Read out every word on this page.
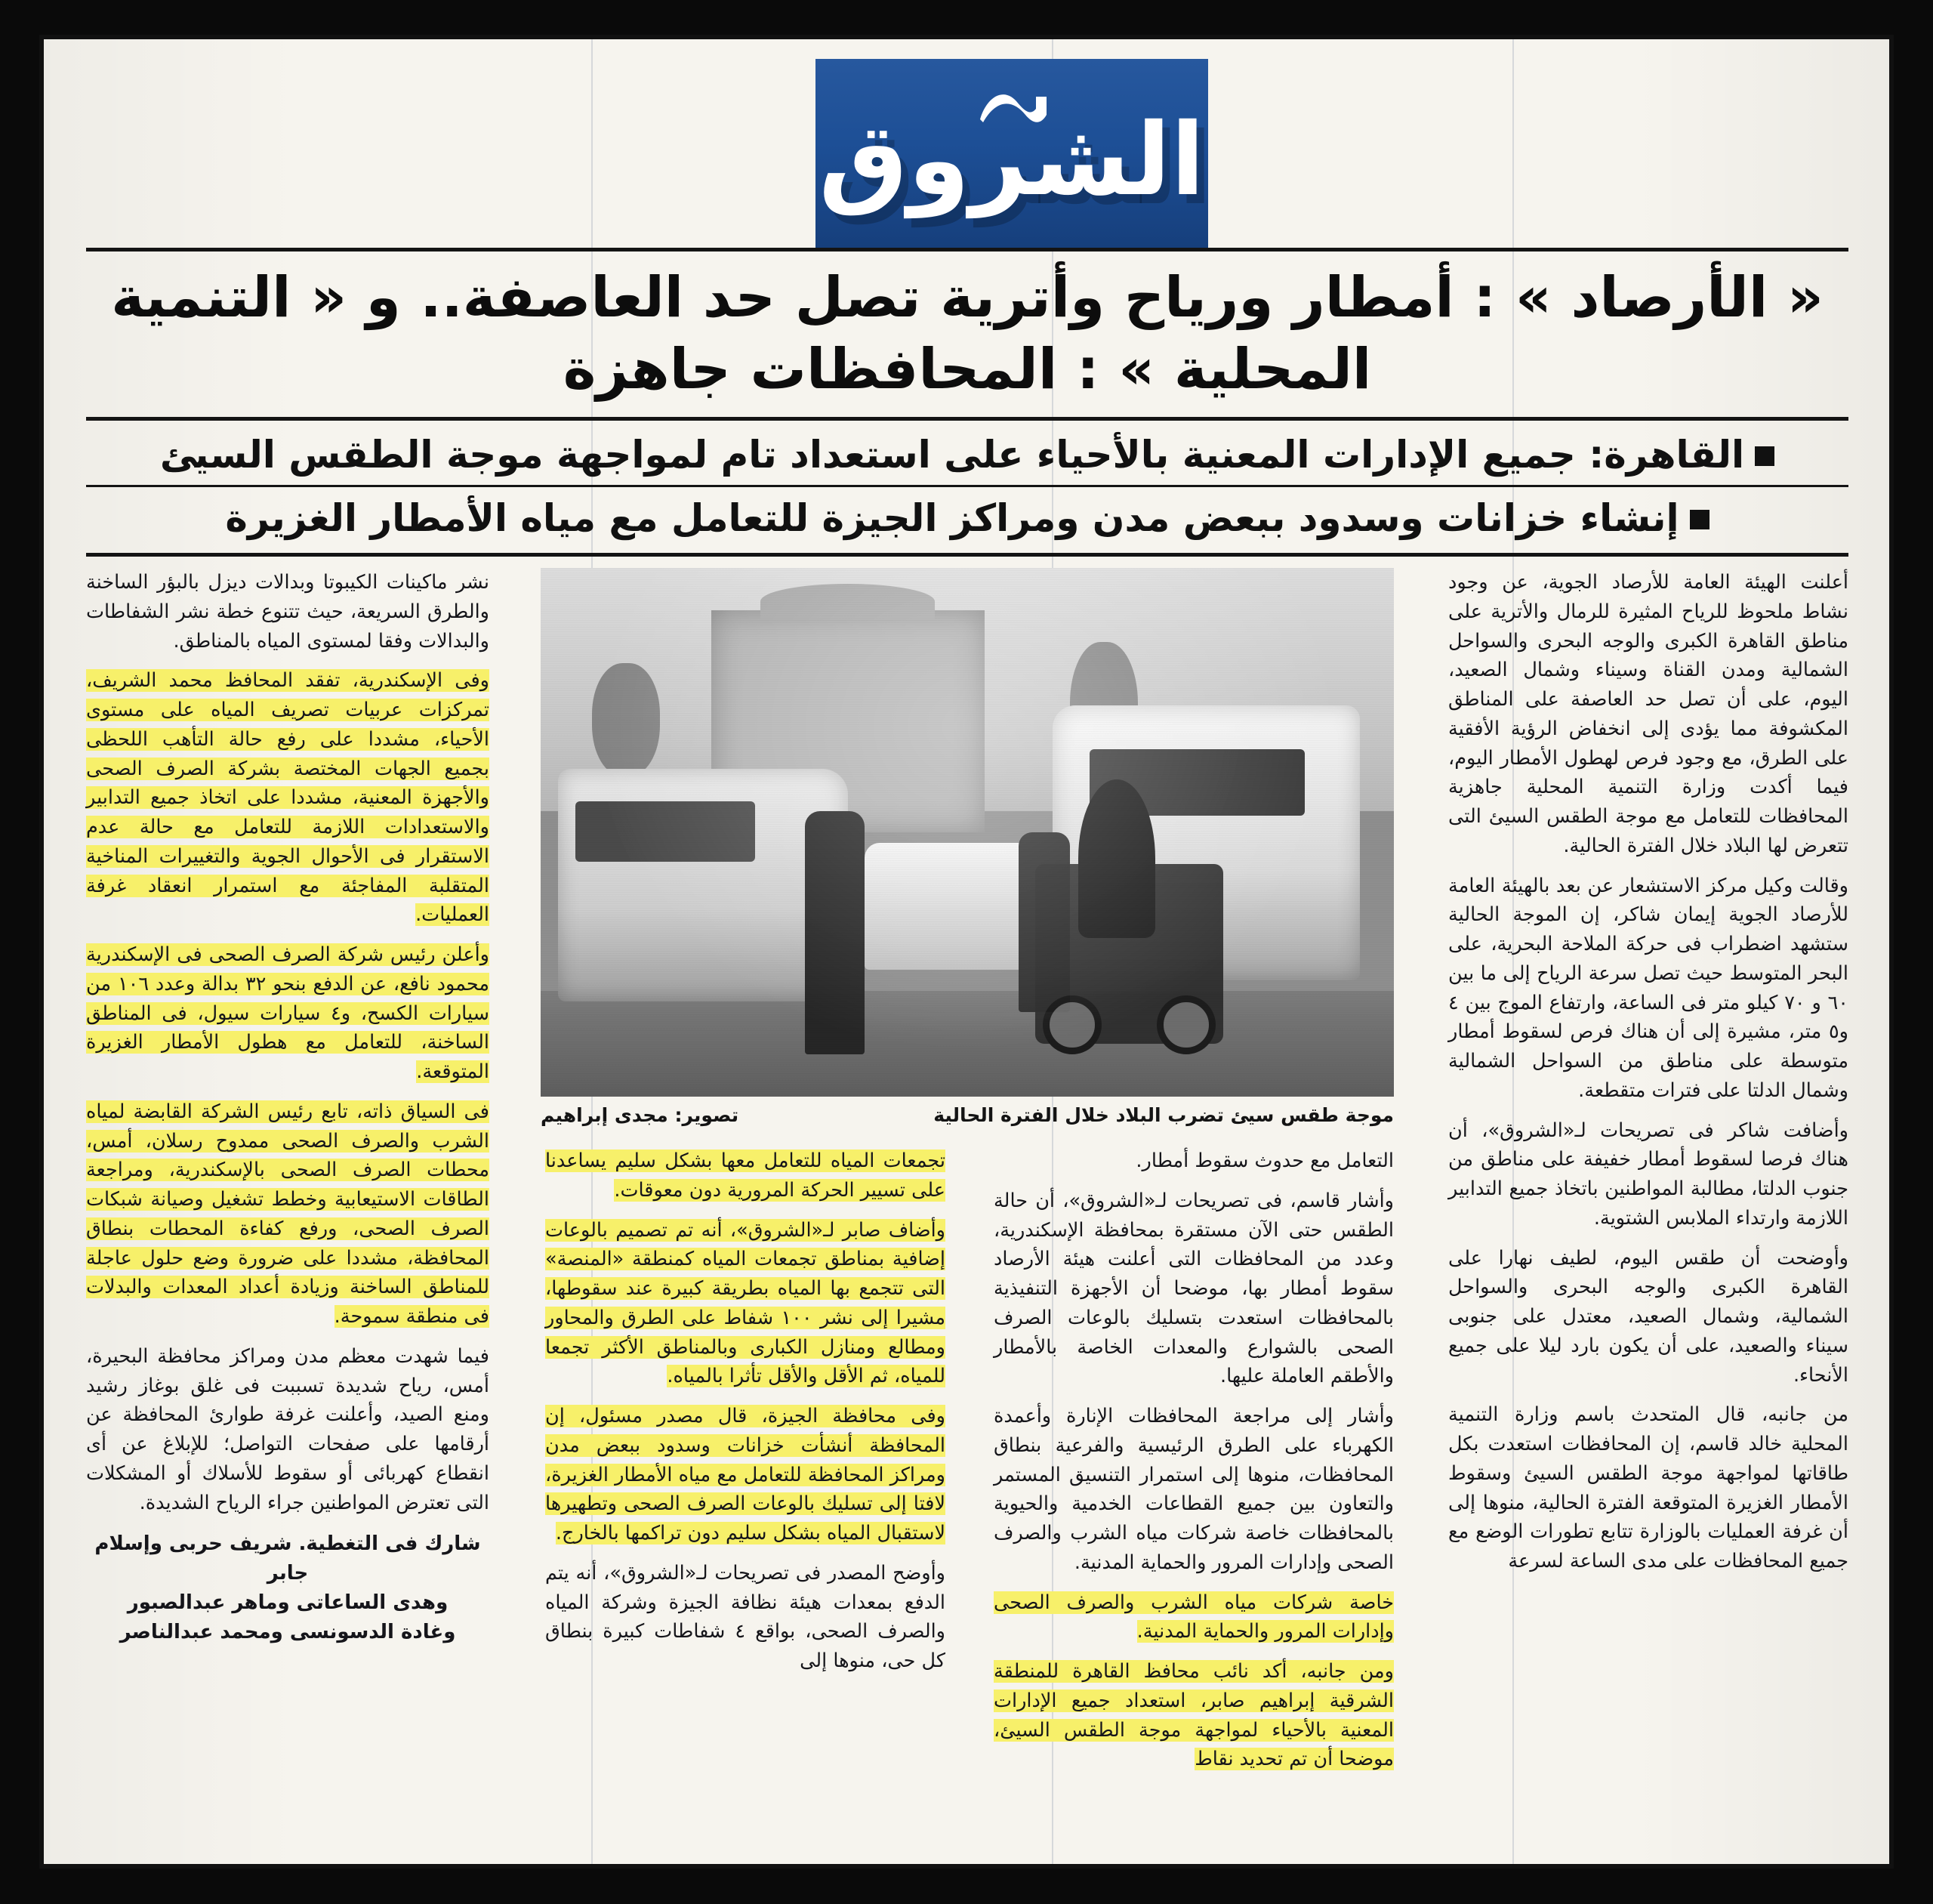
الشروق
« الأرصاد » : أمطار ورياح وأترية تصل حد العاصفة.. و « التنمية المحلية » : المحافظات جاهزة
القاهرة: جميع الإدارات المعنية بالأحياء على استعداد تام لمواجهة موجة الطقس السيئ
إنشاء خزانات وسدود ببعض مدن ومراكز الجيزة للتعامل مع مياه الأمطار الغزيرة
موجة طقس سيئ تضرب البلاد خلال الفترة الحالية
تصوير: مجدى إبراهيم

أعلنت الهيئة العامة للأرصاد الجوية، عن وجود نشاط ملحوظ للرياح المثيرة للرمال والأترية على مناطق القاهرة الكبرى والوجه البحرى والسواحل الشمالية ومدن القناة وسيناء وشمال الصعيد، اليوم، على أن تصل حد العاصفة على المناطق المكشوفة مما يؤدى إلى انخفاض الرؤية الأفقية على الطرق، مع وجود فرص لهطول الأمطار اليوم، فيما أكدت وزارة التنمية المحلية جاهزية المحافظات للتعامل مع موجة الطقس السيئ التى تتعرض لها البلاد خلال الفترة الحالية.

وقالت وكيل مركز الاستشعار عن بعد بالهيئة العامة للأرصاد الجوية إيمان شاكر، إن الموجة الحالية ستشهد اضطراب فى حركة الملاحة البحرية، على البحر المتوسط حيث تصل سرعة الرياح إلى ما بين ٦٠ و ٧٠ كيلو متر فى الساعة، وارتفاع الموج بين ٤ و٥ متر، مشيرة إلى أن هناك فرص لسقوط أمطار متوسطة على مناطق من السواحل الشمالية وشمال الدلتا على فترات متقطعة.

وأضافت شاكر فى تصريحات لـ«الشروق»، أن هناك فرصا لسقوط أمطار خفيفة على مناطق من جنوب الدلتا، مطالبة المواطنين باتخاذ جميع التدابير اللازمة وارتداء الملابس الشتوية.

وأوضحت أن طقس اليوم، لطيف نهارا على القاهرة الكبرى والوجه البحرى والسواحل الشمالية، وشمال الصعيد، معتدل على جنوبى سيناء والصعيد، على أن يكون بارد ليلا على جميع الأنحاء.

من جانبه، قال المتحدث باسم وزارة التنمية المحلية خالد قاسم، إن المحافظات استعدت بكل طاقاتها لمواجهة موجة الطقس السيئ وسقوط الأمطار الغزيرة المتوقعة الفترة الحالية، منوها إلى أن غرفة العمليات بالوزارة تتابع تطورات الوضع مع جميع المحافظات على مدى الساعة لسرعة

التعامل مع حدوث سقوط أمطار.

وأشار قاسم، فى تصريحات لـ«الشروق»، أن حالة الطقس حتى الآن مستقرة بمحافظة الإسكندرية، وعدد من المحافظات التى أعلنت هيئة الأرصاد سقوط أمطار بها، موضحا أن الأجهزة التنفيذية بالمحافظات استعدت بتسليك بالوعات الصرف الصحى بالشوارع والمعدات الخاصة بالأمطار والأطقم العاملة عليها.

وأشار إلى مراجعة المحافظات الإنارة وأعمدة الكهرباء على الطرق الرئيسية والفرعية بنطاق المحافظات، منوها إلى استمرار التنسيق المستمر والتعاون بين جميع القطاعات الخدمية والحيوية بالمحافظات خاصة شركات مياه الشرب والصرف الصحى وإدارات المرور والحماية المدنية.

خاصة شركات مياه الشرب والصرف الصحى وإدارات المرور والحماية المدنية.

ومن جانبه، أكد نائب محافظ القاهرة للمنطقة الشرقية إبراهيم صابر، استعداد جميع الإدارات المعنية بالأحياء لمواجهة موجة الطقس السيئ، موضحا أن تم تحديد نقاط

تجمعات المياه للتعامل معها بشكل سليم يساعدنا على تسيير الحركة المرورية دون معوقات.

وأضاف صابر لـ«الشروق»، أنه تم تصميم بالوعات إضافية بمناطق تجمعات المياه كمنطقة «المنصة» التى تتجمع بها المياه بطريقة كبيرة عند سقوطها، مشيرا إلى نشر ١٠٠ شفاط على الطرق والمحاور ومطالع ومنازل الكبارى وبالمناطق الأكثر تجمعا للمياه، ثم الأقل والأقل تأثرا بالمياه.

وفى محافظة الجيزة، قال مصدر مسئول، إن المحافظة أنشأت خزانات وسدود ببعض مدن ومراكز المحافظة للتعامل مع مياه الأمطار الغزيرة، لافتا إلى تسليك بالوعات الصرف الصحى وتطهيرها لاستقبال المياه بشكل سليم دون تراكمها بالخارج.

وأوضح المصدر فى تصريحات لـ«الشروق»، أنه يتم الدفع بمعدات هيئة نظافة الجيزة وشركة المياه والصرف الصحى، بواقع ٤ شفاطات كبيرة بنطاق كل حى، منوها إلى

نشر ماكينات الكيبوتا وبدالات ديزل بالبؤر الساخنة والطرق السريعة، حيث تتنوع خطة نشر الشفاطات والبدالات وفقا لمستوى المياه بالمناطق.

وفى الإسكندرية، تفقد المحافظ محمد الشريف، تمركزات عربيات تصريف المياه على مستوى الأحياء، مشددا على رفع حالة التأهب اللحظى بجميع الجهات المختصة بشركة الصرف الصحى والأجهزة المعنية، مشددا على اتخاذ جميع التدابير والاستعدادات اللازمة للتعامل مع حالة عدم الاستقرار فى الأحوال الجوية والتغييرات المناخية المتقلبة المفاجئة مع استمرار انعقاد غرفة العمليات.

وأعلن رئيس شركة الصرف الصحى فى الإسكندرية محمود نافع، عن الدفع بنحو ٣٢ بدالة وعدد ١٠٦ من سيارات الكسح، و٤ سيارات سيول، فى المناطق الساخنة، للتعامل مع هطول الأمطار الغزيرة المتوقعة.

فى السياق ذاته، تابع رئيس الشركة القابضة لمياه الشرب والصرف الصحى ممدوح رسلان، أمس، محطات الصرف الصحى بالإسكندرية، ومراجعة الطاقات الاستيعابية وخطط تشغيل وصيانة شبكات الصرف الصحى، ورفع كفاءة المحطات بنطاق المحافظة، مشددا على ضرورة وضع حلول عاجلة للمناطق الساخنة وزيادة أعداد المعدات والبدلات فى منطقة سموحة.

فيما شهدت معظم مدن ومراكز محافظة البحيرة، أمس، رياح شديدة تسببت فى غلق بوغاز رشيد ومنع الصيد، وأعلنت غرفة طوارئ المحافظة عن أرقامها على صفحات التواصل؛ للإبلاغ عن أى انقطاع كهربائى أو سقوط للأسلاك أو المشكلات التى تعترض المواطنين جراء الرياح الشديدة.

شارك فى التغطية. شريف حربى وإسلام جابر
وهدى الساعاتى وماهر عبدالصبور
وغادة الدسونسى ومحمد عبدالناصر
